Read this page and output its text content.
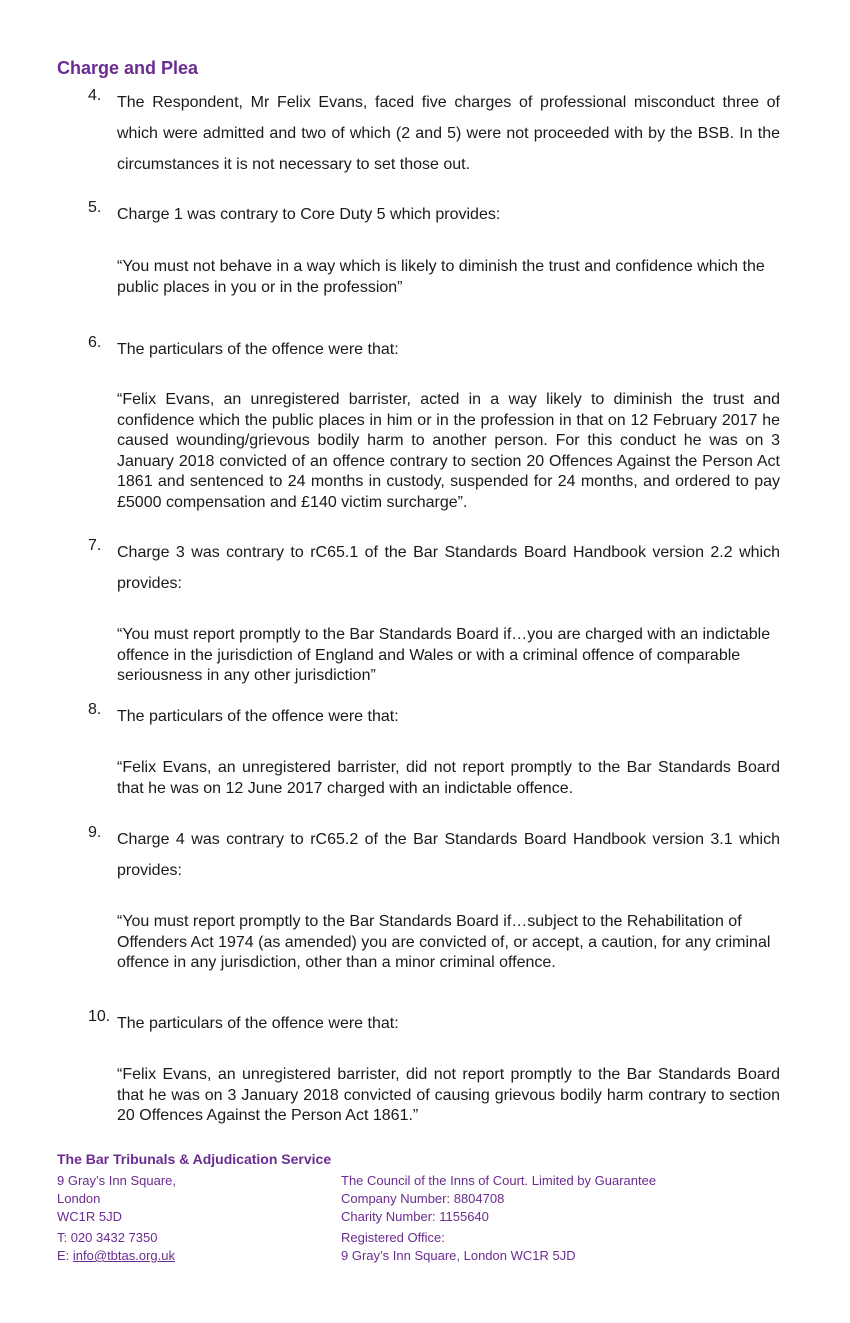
Charge and Plea
4. The Respondent, Mr Felix Evans, faced five charges of professional misconduct three of which were admitted and two of which (2 and 5) were not proceeded with by the BSB. In the circumstances it is not necessary to set those out.
5. Charge 1 was contrary to Core Duty 5 which provides:
“You must not behave in a way which is likely to diminish the trust and confidence which the public places in you or in the profession”
6. The particulars of the offence were that:
“Felix Evans, an unregistered barrister, acted in a way likely to diminish the trust and confidence which the public places in him or in the profession in that on 12 February 2017 he caused wounding/grievous bodily harm to another person. For this conduct he was on 3 January 2018 convicted of an offence contrary to section 20 Offences Against the Person Act 1861 and sentenced to 24 months in custody, suspended for 24 months, and ordered to pay £5000 compensation and £140 victim surcharge”.
7. Charge 3 was contrary to rC65.1 of the Bar Standards Board Handbook version 2.2 which provides:
“You must report promptly to the Bar Standards Board if…you are charged with an indictable offence in the jurisdiction of England and Wales or with a criminal offence of comparable seriousness in any other jurisdiction”
8. The particulars of the offence were that:
“Felix Evans, an unregistered barrister, did not report promptly to the Bar Standards Board that he was on 12 June 2017 charged with an indictable offence.
9. Charge 4 was contrary to rC65.2 of the Bar Standards Board Handbook version 3.1 which provides:
“You must report promptly to the Bar Standards Board if…subject to the Rehabilitation of Offenders Act 1974 (as amended) you are convicted of, or accept, a caution, for any criminal offence in any jurisdiction, other than a minor criminal offence.
10. The particulars of the offence were that:
“Felix Evans, an unregistered barrister, did not report promptly to the Bar Standards Board that he was on 3 January 2018 convicted of causing grievous bodily harm contrary to section 20 Offences Against the Person Act 1861.”
The Bar Tribunals & Adjudication Service
9 Gray’s Inn Square,
London
WC1R 5JD
T: 020 3432 7350
E: info@tbtas.org.uk
The Council of the Inns of Court. Limited by Guarantee
Company Number: 8804708
Charity Number: 1155640
Registered Office:
9 Gray’s Inn Square, London WC1R 5JD
